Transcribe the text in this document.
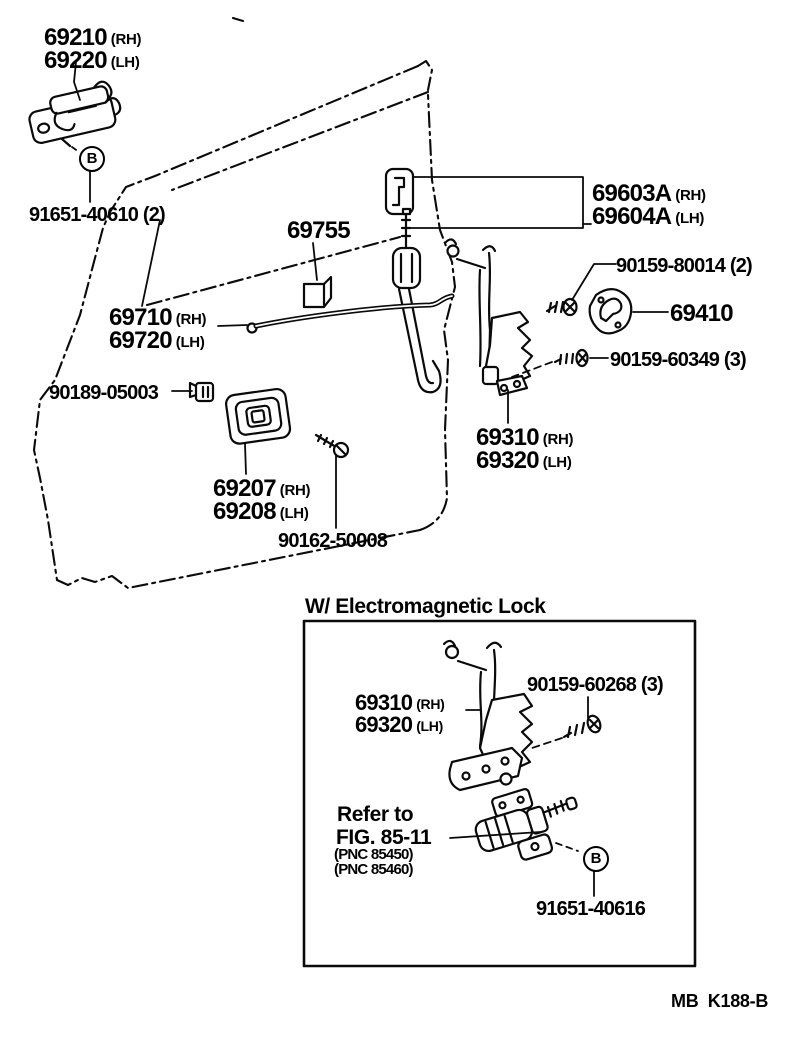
69210 (RH)
69220 (LH)
91651-40610 (2)
69755
69603A (RH)
69604A (LH)
90159-80014 (2)
69410
69710 (RH)
69720 (LH)
90159-60349 (3)
90189-05003
69310 (RH)
69320 (LH)
69207 (RH)
69208 (LH)
90162-50008
W/ Electromagnetic Lock
90159-60268 (3)
69310 (RH)
69320 (LH)
Refer to
FIG. 85-11
(PNC 85450)
(PNC 85460)
91651-40616
B
B
MB  K188-B
